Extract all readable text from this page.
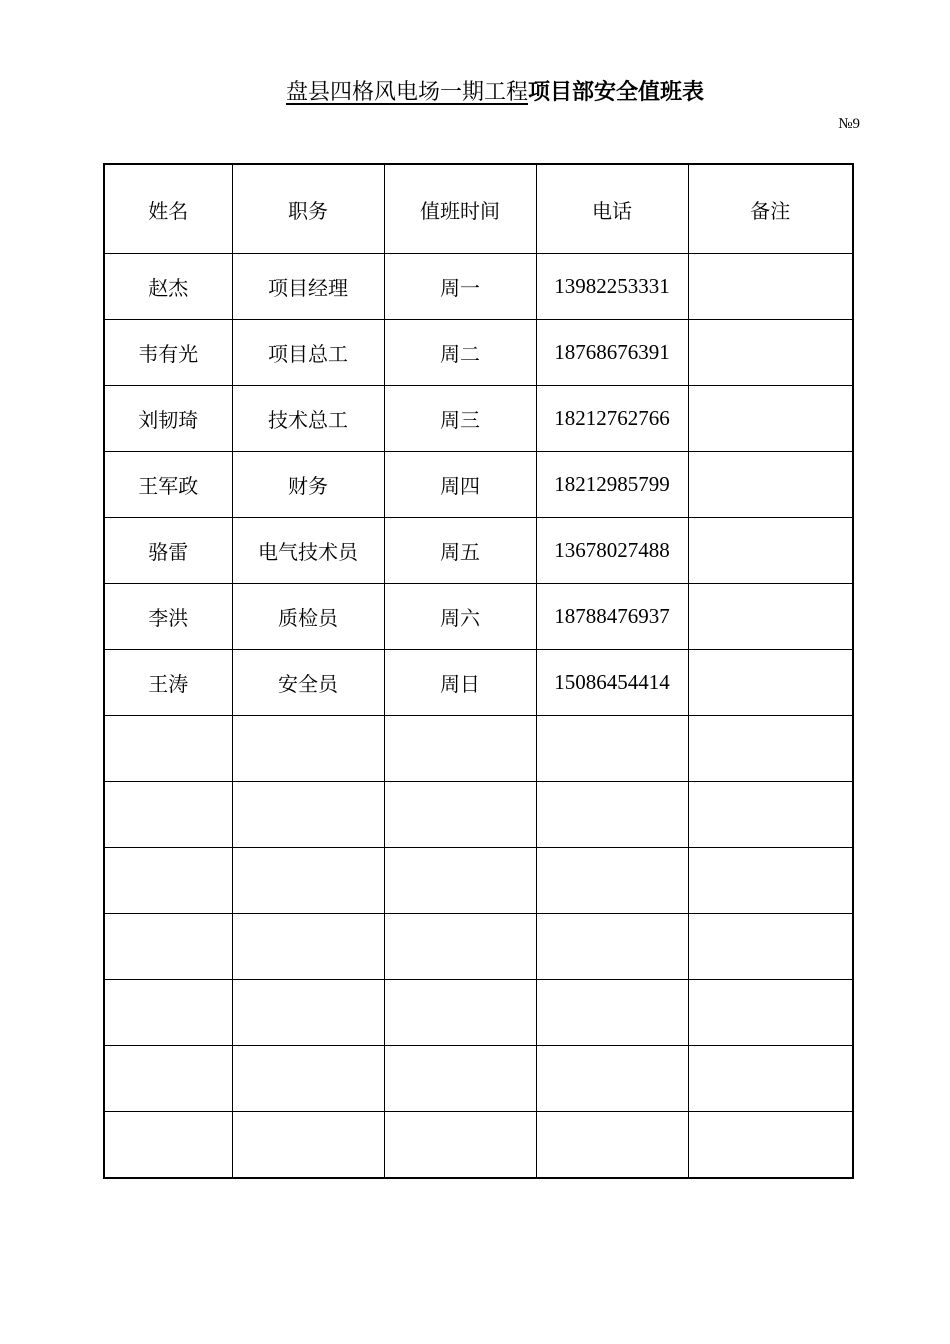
盘县四格风电场一期工程项目部安全值班表
№9
姓名	职务	值班时间	电话	备注
赵杰	项目经理	周一	13982253331	
韦有光	项目总工	周二	18768676391	
刘韧琦	技术总工	周三	18212762766	
王军政	财务	周四	18212985799	
骆雷	电气技术员	周五	13678027488	
李洪	质检员	周六	18788476937	
王涛	安全员	周日	15086454414	
